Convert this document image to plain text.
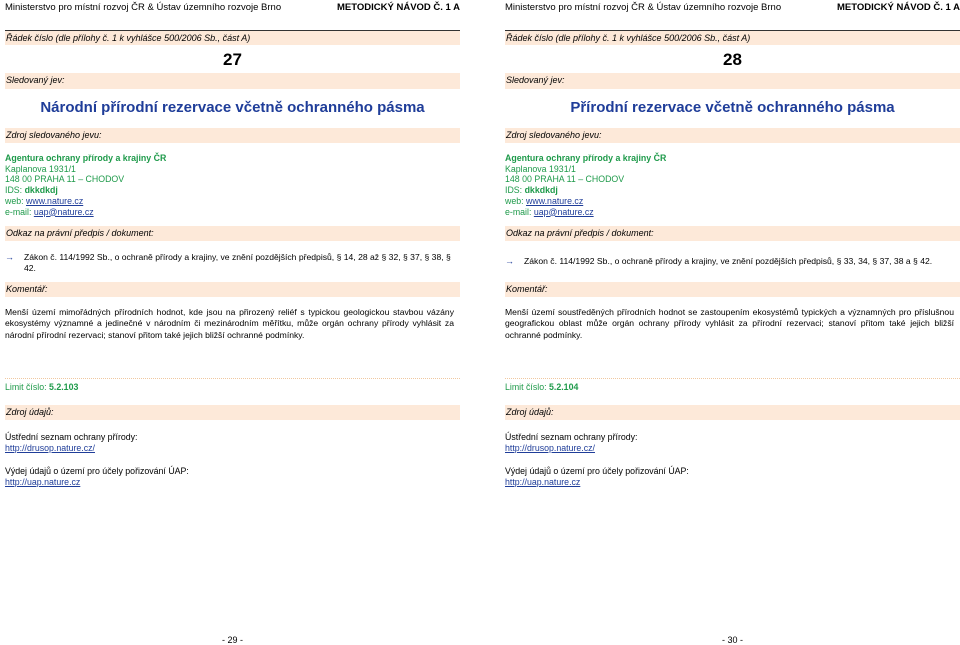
Ministerstvo pro místní rozvoj ČR & Ústav územního rozvoje Brno	METODICKÝ NÁVOD Č. 1 A
Řádek číslo (dle přílohy č. 1 k vyhlášce 500/2006 Sb., část A)
27
Sledovaný jev:
Národní přírodní rezervace včetně ochranného pásma
Zdroj sledovaného jevu:
Agentura ochrany přírody a krajiny ČR
Kaplanova 1931/1
148 00 PRAHA 11 – CHODOV
IDS: dkkdkdj
web: www.nature.cz
e-mail: uap@nature.cz
Odkaz na právní předpis / dokument:
→ Zákon č. 114/1992 Sb., o ochraně přírody a krajiny, ve znění pozdějších předpisů, § 14, 28 až § 32, § 37, § 38, § 42.
Komentář:
Menší území mimořádných přírodních hodnot, kde jsou na přirozený reliéf s typickou geologickou stavbou vázány ekosystémy významné a jedinečné v národním či mezinárodním měřítku, může orgán ochrany přírody vyhlásit za národní přírodní rezervaci; stanoví přitom také jejich bližší ochranné podmínky.
Limit číslo: 5.2.103
Zdroj údajů:
Ústřední seznam ochrany přírody:
http://drusop.nature.cz/
Výdej údajů o území pro účely pořizování ÚAP:
http://uap.nature.cz
- 29 -
Ministerstvo pro místní rozvoj ČR & Ústav územního rozvoje Brno	METODICKÝ NÁVOD Č. 1 A
Řádek číslo (dle přílohy č. 1 k vyhlášce 500/2006 Sb., část A)
28
Sledovaný jev:
Přírodní rezervace včetně ochranného pásma
Zdroj sledovaného jevu:
Agentura ochrany přírody a krajiny ČR
Kaplanova 1931/1
148 00 PRAHA 11 – CHODOV
IDS: dkkdkdj
web: www.nature.cz
e-mail: uap@nature.cz
Odkaz na právní předpis / dokument:
→ Zákon č. 114/1992 Sb., o ochraně přírody a krajiny, ve znění pozdějších předpisů, § 33, 34, § 37, 38 a § 42.
Komentář:
Menší území soustředěných přírodních hodnot se zastoupením ekosystémů typických a významných pro příslušnou geografickou oblast může orgán ochrany přírody vyhlásit za přírodní rezervaci; stanoví přitom také jejich bližší ochranné podmínky.
Limit číslo: 5.2.104
Zdroj údajů:
Ústřední seznam ochrany přírody:
http://drusop.nature.cz/
Výdej údajů o území pro účely pořizování ÚAP:
http://uap.nature.cz
- 30 -
